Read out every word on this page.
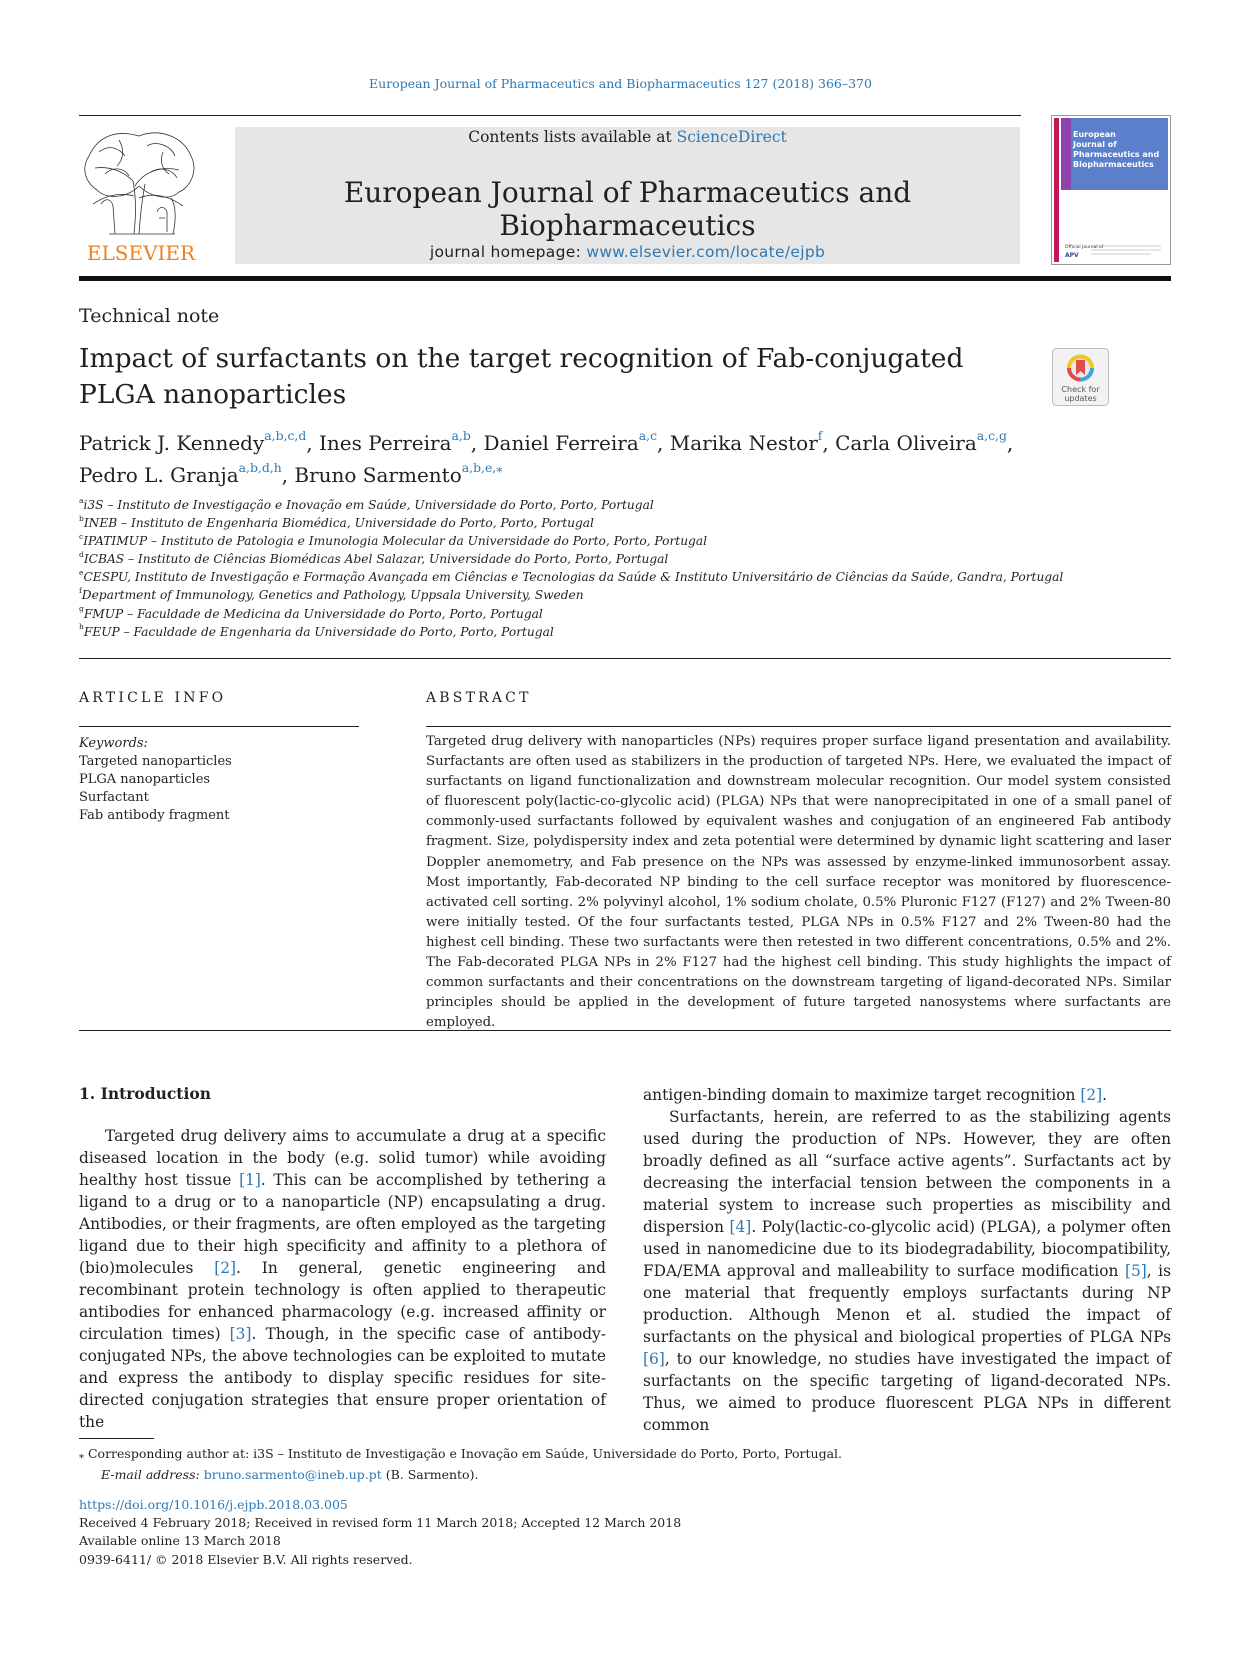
European Journal of Pharmaceutics and Biopharmaceutics 127 (2018) 366–370
ELSEVIER
Contents lists available at ScienceDirect
European Journal of Pharmaceutics and Biopharmaceutics
journal homepage: www.elsevier.com/locate/ejpb
European
Journal of
Pharmaceutics and
Biopharmaceutics
Official Journal of
APV
Technical note
Impact of surfactants on the target recognition of Fab-conjugated PLGA nanoparticles	Check for
updates
Patrick J. Kennedy$^{a,b,c,d}$, Ines Perreira$^{a,b}$, Daniel Ferreira$^{a,c}$, Marika Nestor$^f$, Carla Oliveira$^{a,c,g}$,
Pedro L. Granja$^{a,b,d,h}$, Bruno Sarmento$^{a,b,e,⁎}$
$^a$i3S – Instituto de Investigação e Inovação em Saúde, Universidade do Porto, Porto, Portugal
$^b$INEB – Instituto de Engenharia Biomédica, Universidade do Porto, Porto, Portugal
$^c$IPATIMUP – Instituto de Patologia e Imunologia Molecular da Universidade do Porto, Porto, Portugal
$^d$ICBAS – Instituto de Ciências Biomédicas Abel Salazar, Universidade do Porto, Porto, Portugal
$^e$CESPU, Instituto de Investigação e Formação Avançada em Ciências e Tecnologias da Saúde & Instituto Universitário de Ciências da Saúde, Gandra, Portugal
$^f$Department of Immunology, Genetics and Pathology, Uppsala University, Sweden
$^g$FMUP – Faculdade de Medicina da Universidade do Porto, Porto, Portugal
$^h$FEUP – Faculdade de Engenharia da Universidade do Porto, Porto, Portugal
ARTICLE INFO
Keywords:
Targeted nanoparticles
PLGA nanoparticles
Surfactant
Fab antibody fragment
ABSTRACT
Targeted drug delivery with nanoparticles (NPs) requires proper surface ligand presentation and availability. Surfactants are often used as stabilizers in the production of targeted NPs. Here, we evaluated the impact of surfactants on ligand functionalization and downstream molecular recognition. Our model system consisted of fluorescent poly(lactic-co-glycolic acid) (PLGA) NPs that were nanoprecipitated in one of a small panel of commonly-used surfactants followed by equivalent washes and conjugation of an engineered Fab antibody fragment. Size, polydispersity index and zeta potential were determined by dynamic light scattering and laser Doppler anemometry, and Fab presence on the NPs was assessed by enzyme-linked immunosorbent assay. Most importantly, Fab-decorated NP binding to the cell surface receptor was monitored by fluorescence-activated cell sorting. 2% polyvinyl alcohol, 1% sodium cholate, 0.5% Pluronic F127 (F127) and 2% Tween-80 were initially tested. Of the four surfactants tested, PLGA NPs in 0.5% F127 and 2% Tween-80 had the highest cell binding. These two surfactants were then retested in two different concentrations, 0.5% and 2%. The Fab-decorated PLGA NPs in 2% F127 had the highest cell binding. This study highlights the impact of common surfactants and their concentrations on the downstream targeting of ligand-decorated NPs. Similar principles should be applied in the development of future targeted nanosystems where surfactants are employed.
1. Introduction

Targeted drug delivery aims to accumulate a drug at a specific diseased location in the body (e.g. solid tumor) while avoiding healthy host tissue [1]. This can be accomplished by tethering a ligand to a drug or to a nanoparticle (NP) encapsulating a drug. Antibodies, or their fragments, are often employed as the targeting ligand due to their high specificity and affinity to a plethora of (bio)molecules [2]. In general, genetic engineering and recombinant protein technology is often applied to therapeutic antibodies for enhanced pharmacology (e.g. increased affinity or circulation times) [3]. Though, in the specific case of antibody-conjugated NPs, the above technologies can be exploited to mutate and express the antibody to display specific residues for site-directed conjugation strategies that ensure proper orientation of the

antigen-binding domain to maximize target recognition [2].

Surfactants, herein, are referred to as the stabilizing agents used during the production of NPs. However, they are often broadly defined as all “surface active agents”. Surfactants act by decreasing the interfacial tension between the components in a material system to increase such properties as miscibility and dispersion [4]. Poly(lactic-co-glycolic acid) (PLGA), a polymer often used in nanomedicine due to its biodegradability, biocompatibility, FDA/EMA approval and malleability to surface modification [5], is one material that frequently employs surfactants during NP production. Although Menon et al. studied the impact of surfactants on the physical and biological properties of PLGA NPs [6], to our knowledge, no studies have investigated the impact of surfactants on the specific targeting of ligand-decorated NPs. Thus, we aimed to produce fluorescent PLGA NPs in different common

⁎ Corresponding author at: i3S – Instituto de Investigação e Inovação em Saúde, Universidade do Porto, Porto, Portugal.
E-mail address: bruno.sarmento@ineb.up.pt (B. Sarmento).
https://doi.org/10.1016/j.ejpb.2018.03.005
Received 4 February 2018; Received in revised form 11 March 2018; Accepted 12 March 2018
Available online 13 March 2018
0939-6411/ © 2018 Elsevier B.V. All rights reserved.
